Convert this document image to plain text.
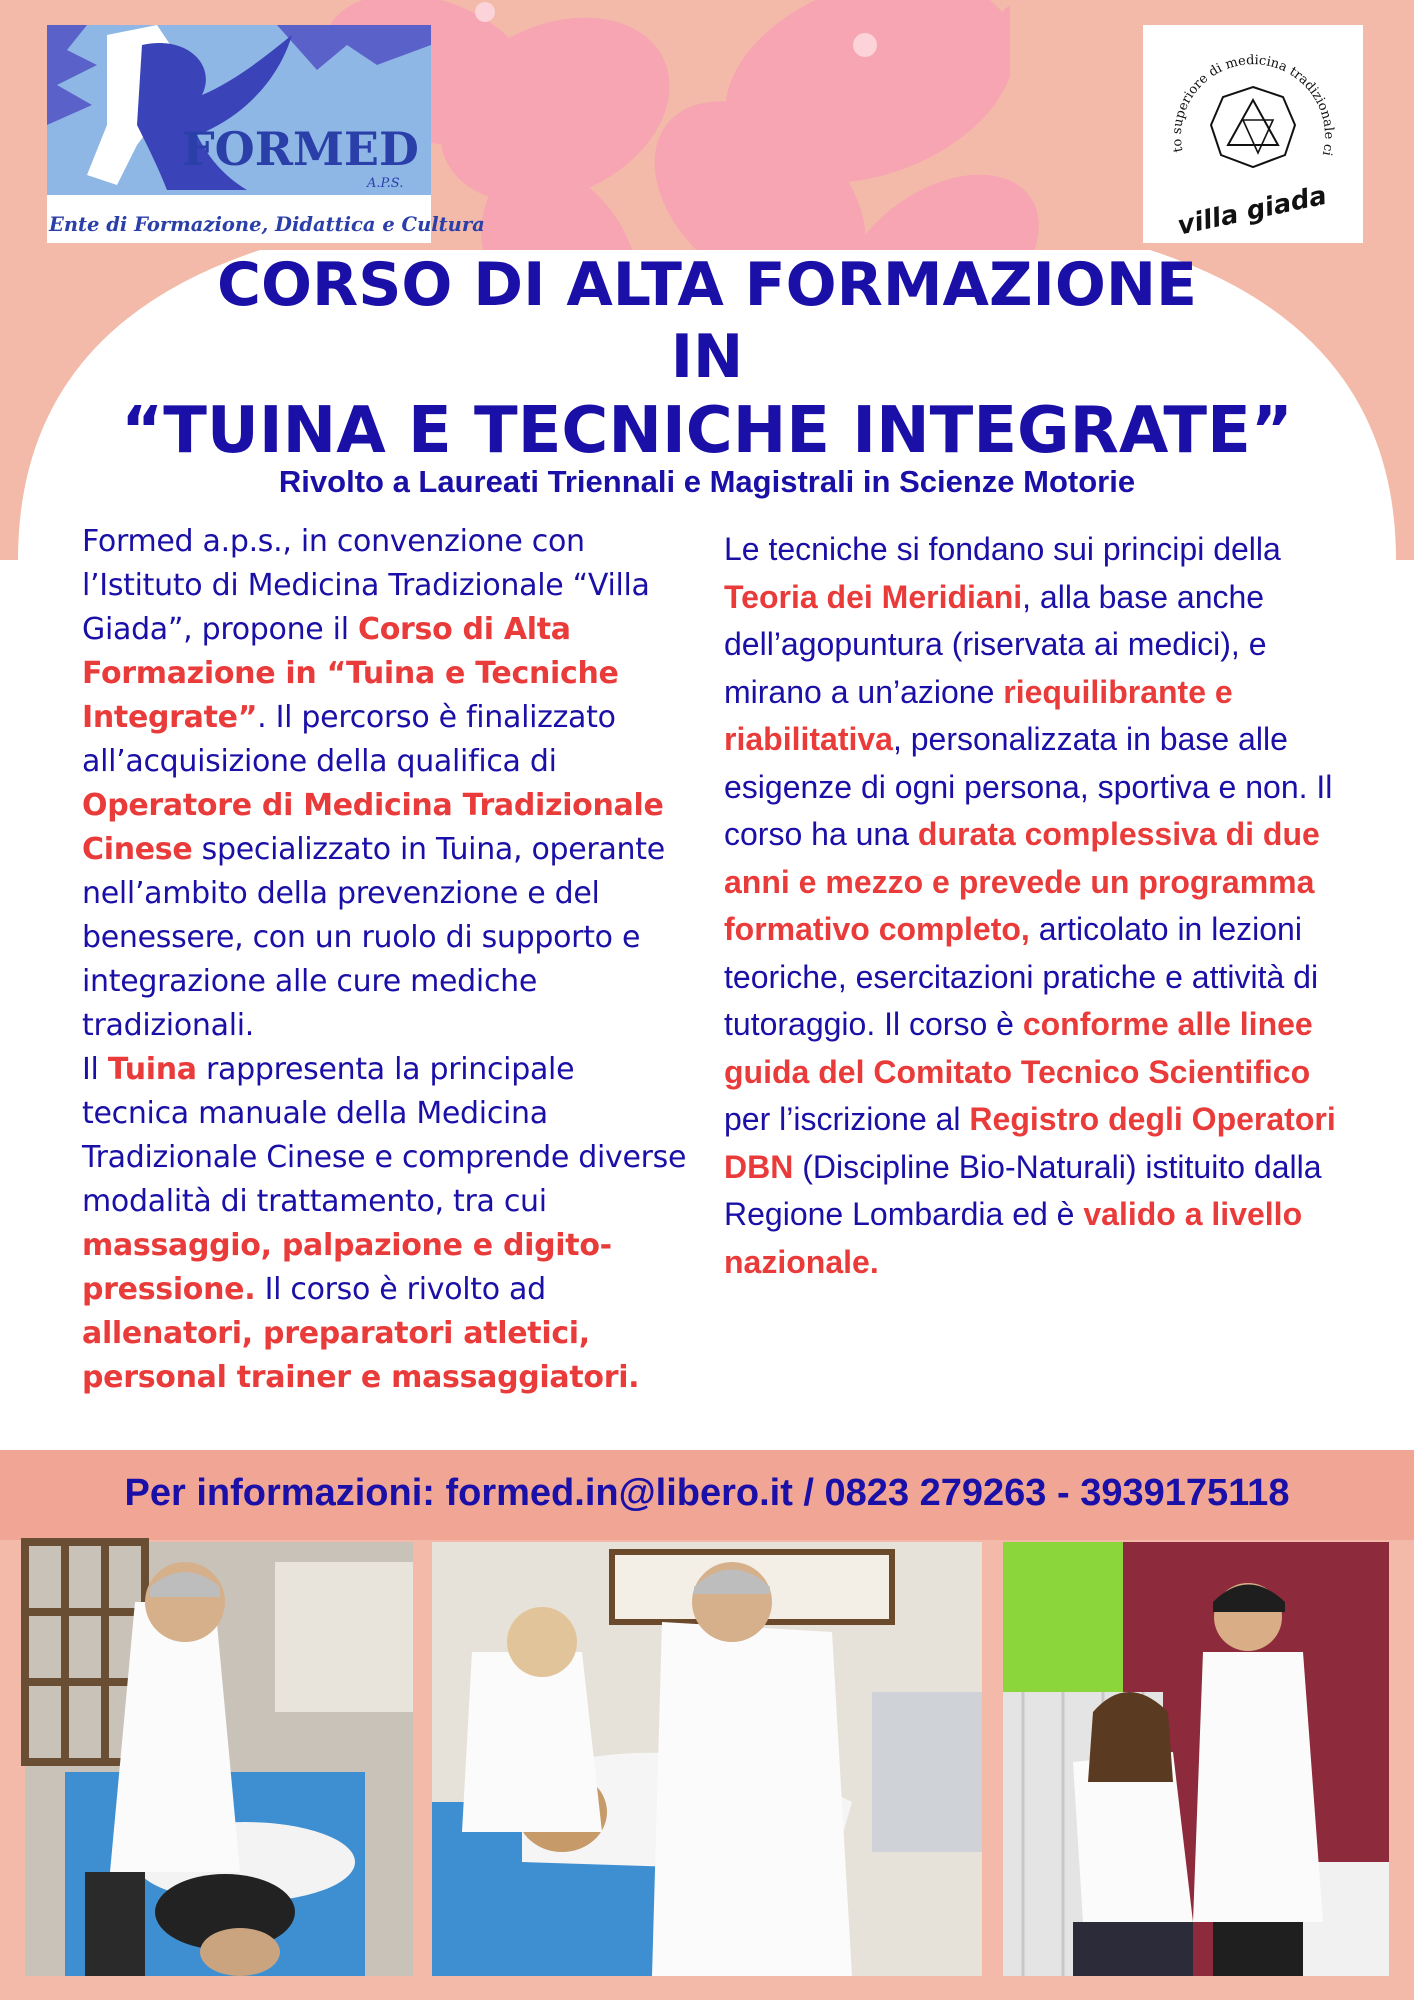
FORMED
A.P.S.
Ente di Formazione, Didattica e Cultura
to superiore di medicina tradizionale ci
villa giada
CORSO DI ALTA FORMAZIONE
IN
“TUINA E TECNICHE INTEGRATE”
Rivolto a Laureati Triennali e Magistrali in Scienze Motorie
Formed a.p.s., in convenzione con l’Istituto di Medicina Tradizionale “Villa Giada”, propone il Corso di Alta Formazione in “Tuina e Tecniche Integrate”. Il percorso è finalizzato all’acquisizione della qualifica di Operatore di Medicina Tradizionale Cinese specializzato in Tuina, operante nell’ambito della prevenzione e del benessere, con un ruolo di supporto e integrazione alle cure mediche tradizionali.
Il Tuina rappresenta la principale tecnica manuale della Medicina Tradizionale Cinese e comprende diverse modalità di trattamento, tra cui massaggio, palpazione e digito-pressione. Il corso è rivolto ad allenatori, preparatori atletici, personal trainer e massaggiatori.
Le tecniche si fondano sui principi della Teoria dei Meridiani, alla base anche dell’agopuntura (riservata ai medici), e mirano a un’azione riequilibrante e riabilitativa, personalizzata in base alle esigenze di ogni persona, sportiva e non. Il corso ha una durata complessiva di due anni e mezzo e prevede un programma formativo completo, articolato in lezioni teoriche, esercitazioni pratiche e attività di tutoraggio. Il corso è conforme alle linee guida del Comitato Tecnico Scientifico per l’iscrizione al Registro degli Operatori DBN (Discipline Bio-Naturali) istituito dalla Regione Lombardia ed è valido a livello nazionale.
Per informazioni: formed.in@libero.it / 0823 279263 - 3939175118
